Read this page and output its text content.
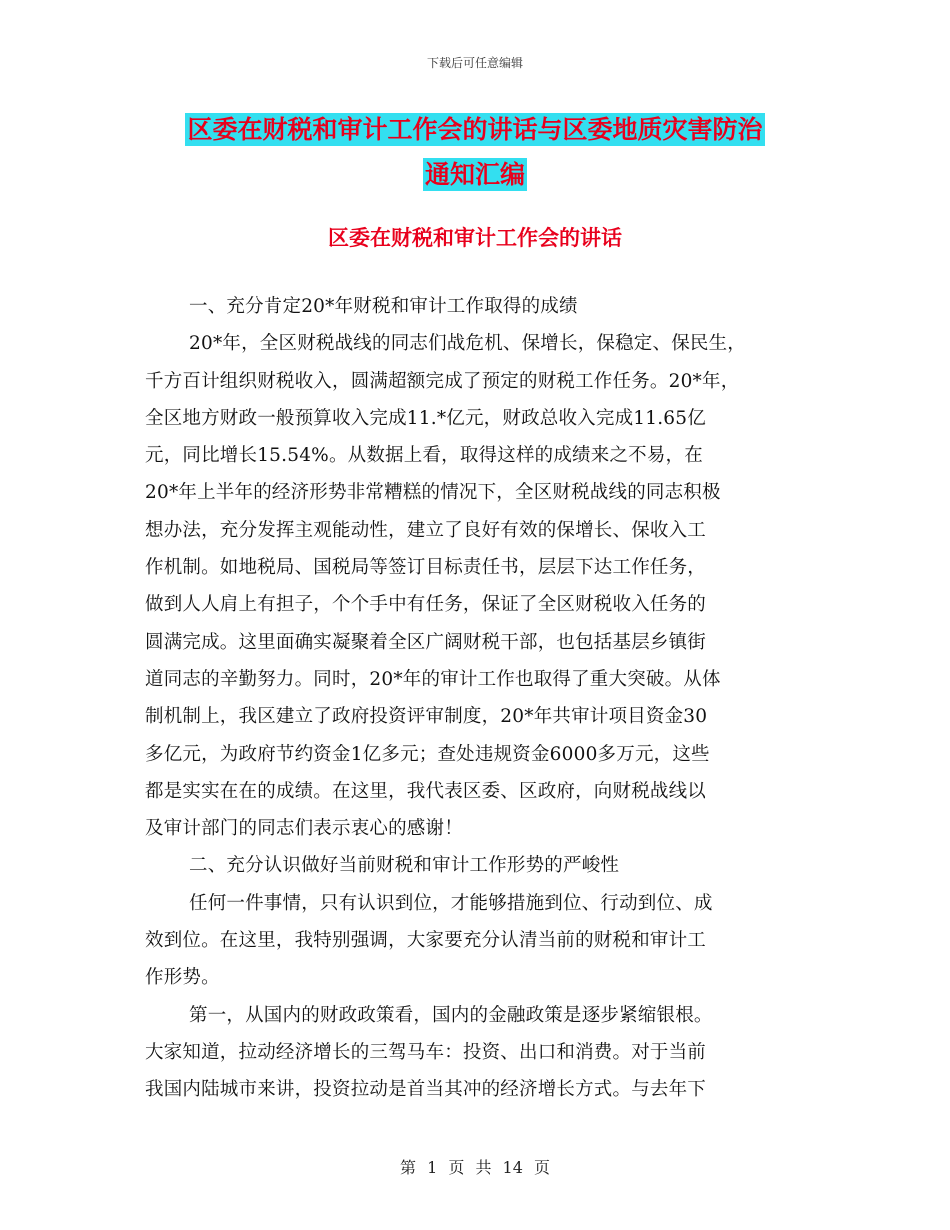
下载后可任意编辑
区委在财税和审计工作会的讲话与区委地质灾害防治
通知汇编
区委在财税和审计工作会的讲话
一、充分肯定20*年财税和审计工作取得的成绩
20*年，全区财税战线的同志们战危机、保增长，保稳定、保民生，
千方百计组织财税收入，圆满超额完成了预定的财税工作任务。20*年，
全区地方财政一般预算收入完成11.*亿元，财政总收入完成11.65亿
元，同比增长15.54%。从数据上看，取得这样的成绩来之不易，在
20*年上半年的经济形势非常糟糕的情况下，全区财税战线的同志积极
想办法，充分发挥主观能动性，建立了良好有效的保增长、保收入工
作机制。如地税局、国税局等签订目标责任书，层层下达工作任务，
做到人人肩上有担子，个个手中有任务，保证了全区财税收入任务的
圆满完成。这里面确实凝聚着全区广阔财税干部，也包括基层乡镇街
道同志的辛勤努力。同时，20*年的审计工作也取得了重大突破。从体
制机制上，我区建立了政府投资评审制度，20*年共审计项目资金30
多亿元，为政府节约资金1亿多元；查处违规资金6000多万元，这些
都是实实在在的成绩。在这里，我代表区委、区政府，向财税战线以
及审计部门的同志们表示衷心的感谢！
二、充分认识做好当前财税和审计工作形势的严峻性
任何一件事情，只有认识到位，才能够措施到位、行动到位、成
效到位。在这里，我特别强调，大家要充分认清当前的财税和审计工
作形势。
第一，从国内的财政政策看，国内的金融政策是逐步紧缩银根。
大家知道，拉动经济增长的三驾马车：投资、出口和消费。对于当前
我国内陆城市来讲，投资拉动是首当其冲的经济增长方式。与去年下
第 1 页 共 14 页
